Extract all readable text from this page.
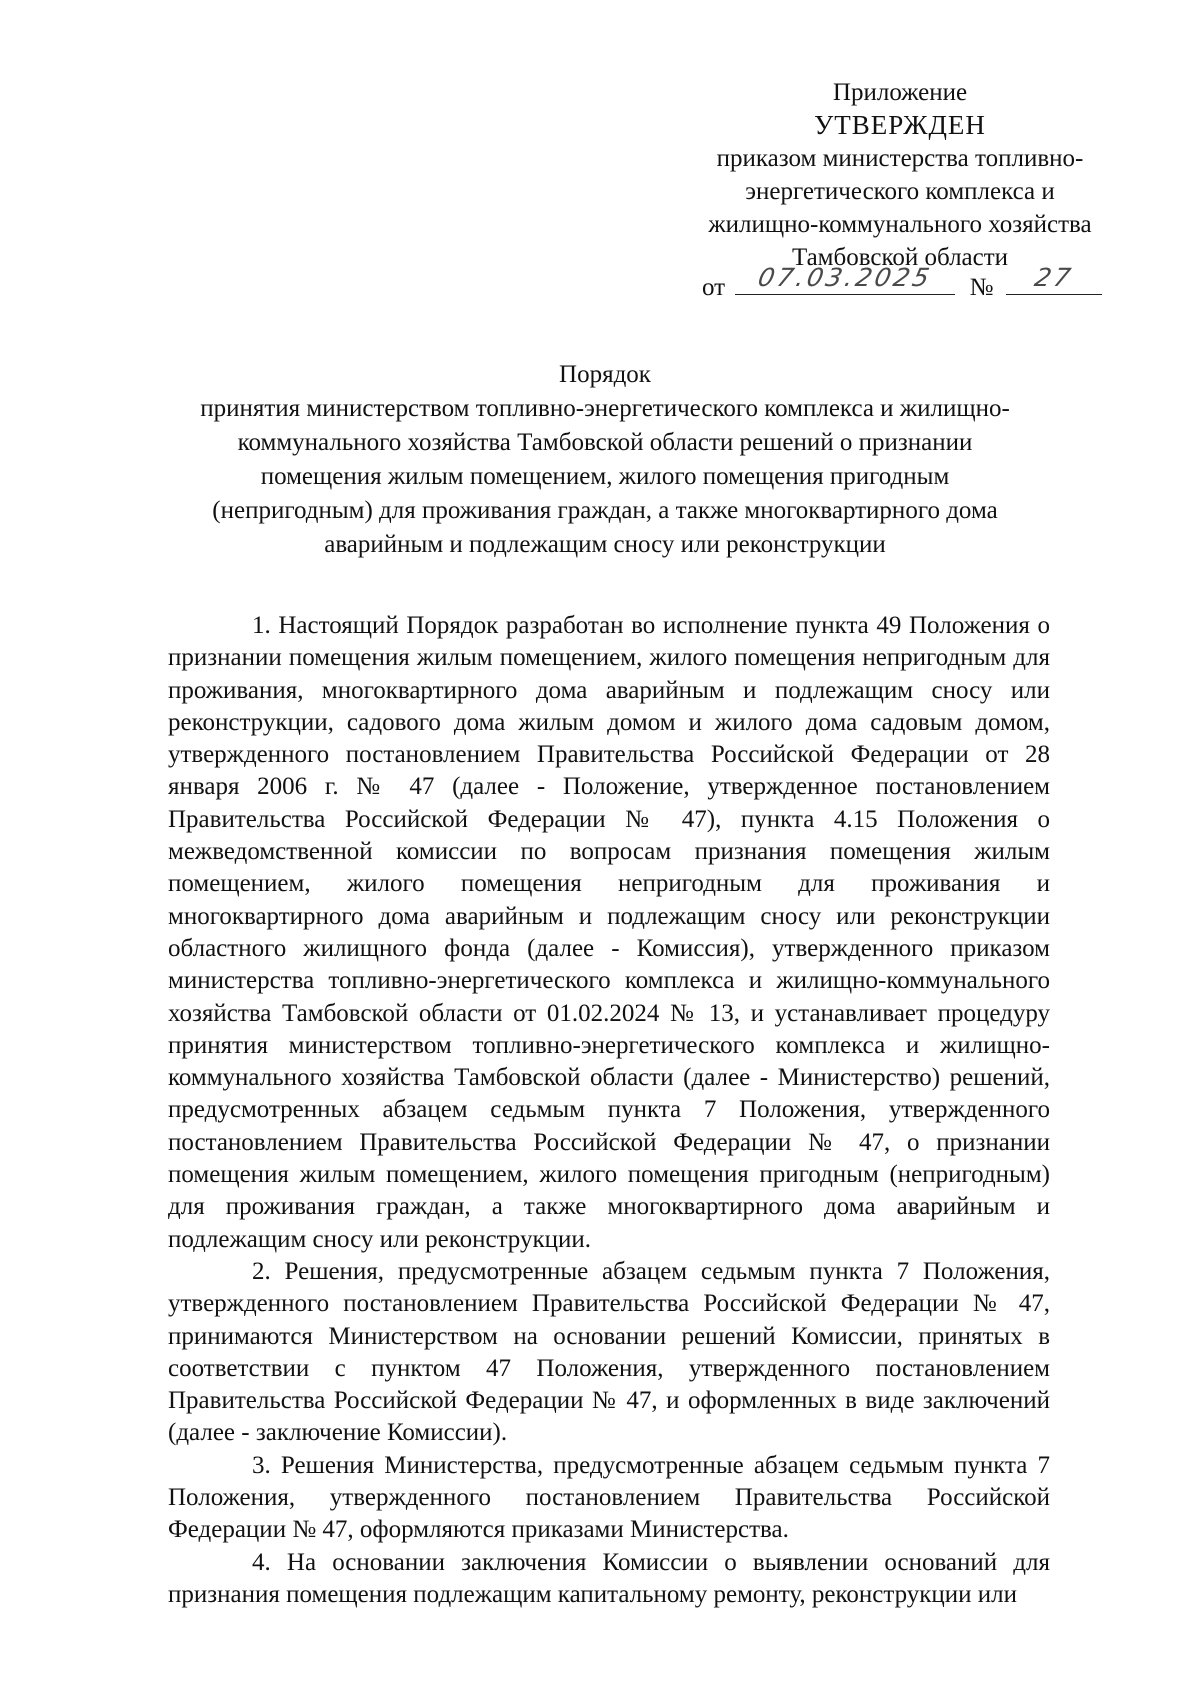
Приложение
УТВЕРЖДЕН
приказом министерства топливно-
энергетического комплекса и
жилищно-коммунального хозяйства
Тамбовской области
от	07.03.2025	№	27
Порядок
принятия министерством топливно-энергетического комплекса и жилищно-
коммунального хозяйства Тамбовской области решений о признании
помещения жилым помещением, жилого помещения пригодным
(непригодным) для проживания граждан, а также многоквартирного дома
аварийным и подлежащим сносу или реконструкции

1. Настоящий Порядок разработан во исполнение пункта 49 Положения о признании помещения жилым помещением, жилого помещения непригодным для проживания, многоквартирного дома аварийным и подлежащим сносу или реконструкции, садового дома жилым домом и жилого дома садовым домом, утвержденного постановлением Правительства Российской Федерации от 28 января 2006 г. № 47 (далее - Положение, утвержденное постановлением Правительства Российской Федерации № 47), пункта 4.15 Положения о межведомственной комиссии по вопросам признания помещения жилым помещением, жилого помещения непригодным для проживания и многоквартирного дома аварийным и подлежащим сносу или реконструкции областного жилищного фонда (далее - Комиссия), утвержденного приказом министерства топливно-энергетического комплекса и жилищно-коммунального хозяйства Тамбовской области от 01.02.2024 № 13, и устанавливает процедуру принятия министерством топливно-энергетического комплекса и жилищно-коммунального хозяйства Тамбовской области (далее - Министерство) решений, предусмотренных абзацем седьмым пункта 7 Положения, утвержденного постановлением Правительства Российской Федерации № 47, о признании помещения жилым помещением, жилого помещения пригодным (непригодным) для проживания граждан, а также многоквартирного дома аварийным и подлежащим сносу или реконструкции.

2. Решения, предусмотренные абзацем седьмым пункта 7 Положения, утвержденного постановлением Правительства Российской Федерации № 47, принимаются Министерством на основании решений Комиссии, принятых в соответствии с пунктом 47 Положения, утвержденного постановлением Правительства Российской Федерации № 47, и оформленных в виде заключений (далее - заключение Комиссии).

3. Решения Министерства, предусмотренные абзацем седьмым пункта 7 Положения, утвержденного постановлением Правительства Российской Федерации № 47, оформляются приказами Министерства.

4. На основании заключения Комиссии о выявлении оснований для признания помещения подлежащим капитальному ремонту, реконструкции или
